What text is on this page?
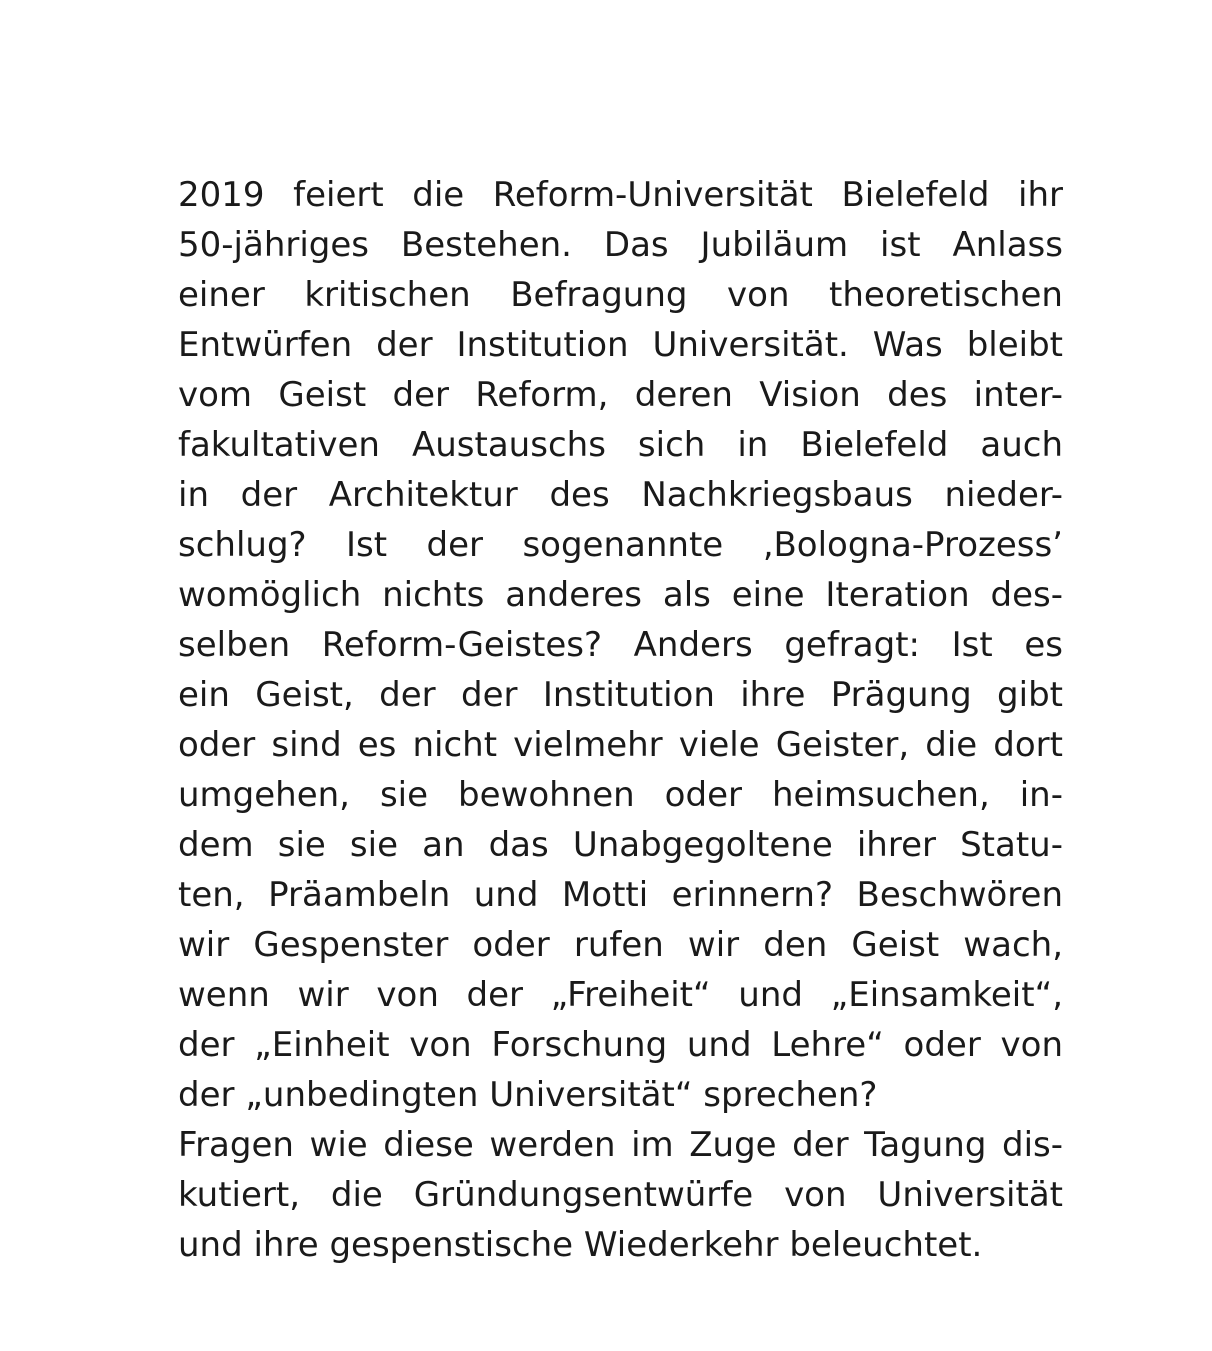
2019 feiert die Reform-Universität Bielefeld ihr
50-jähriges Bestehen. Das Jubiläum ist Anlass
einer kritischen Befragung von theoretischen
Entwürfen der Institution Universität. Was bleibt
vom Geist der Reform, deren Vision des inter-
fakultativen Austauschs sich in Bielefeld auch
in der Architektur des Nachkriegsbaus nieder-
schlug? Ist der sogenannte ‚Bologna-Prozess’
womöglich nichts anderes als eine Iteration des-
selben Reform-Geistes? Anders gefragt: Ist es
ein Geist, der der Institution ihre Prägung gibt
oder sind es nicht vielmehr viele Geister, die dort
umgehen, sie bewohnen oder heimsuchen, in-
dem sie sie an das Unabgegoltene ihrer Statu-
ten, Präambeln und Motti erinnern? Beschwören
wir Gespenster oder rufen wir den Geist wach,
wenn wir von der „Freiheit“ und „Einsamkeit“,
der „Einheit von Forschung und Lehre“ oder von
der „unbedingten Universität“ sprechen?
Fragen wie diese werden im Zuge der Tagung dis-
kutiert, die Gründungsentwürfe von Universität
und ihre gespenstische Wiederkehr beleuchtet.
